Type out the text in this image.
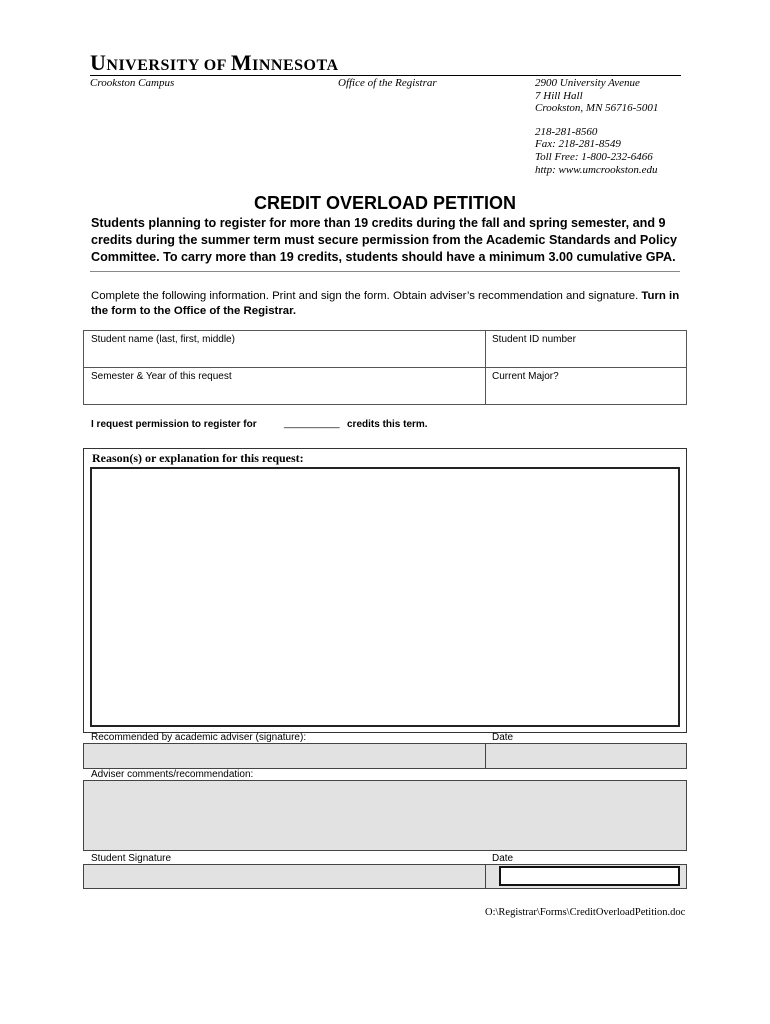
UNIVERSITY OF MINNESOTA
Crookston Campus	Office of the Registrar	2900 University Avenue
7 Hill Hall
Crookston, MN 56716-5001
218-281-8560
Fax: 218-281-8549
Toll Free: 1-800-232-6466
http: www.umcrookston.edu
CREDIT OVERLOAD PETITION
Students planning to register for more than 19 credits during the fall and spring semester, and 9 credits during the summer term must secure permission from the Academic Standards and Policy Committee. To carry more than 19 credits, students should have a minimum 3.00 cumulative GPA.
Complete the following information. Print and sign the form. Obtain adviser’s recommendation and signature. Turn in the form to the Office of the Registrar.
Student name (last, first, middle)	Student ID number
Semester & Year of this request	Current Major?
I request permission to register for	__________ credits this term.
Reason(s) or explanation for this request:
Recommended by academic adviser (signature):	Date
Adviser comments/recommendation:
Student Signature	Date
O:\Registrar\Forms\CreditOverloadPetition.doc
